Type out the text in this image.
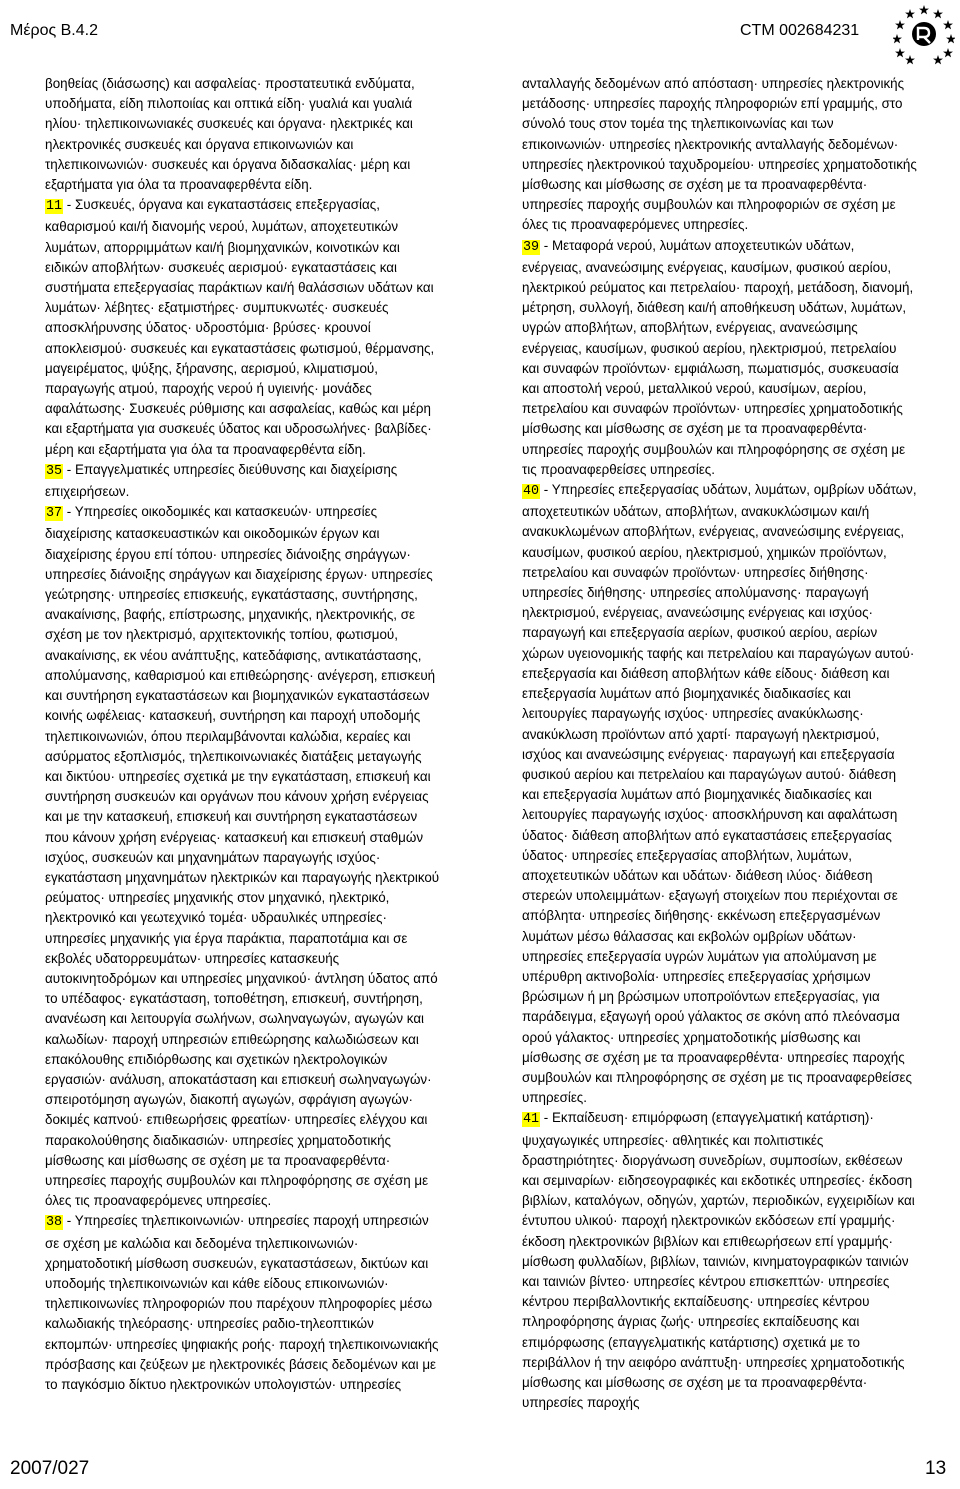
Μέρος Β.4.2	CTM 002684231

βοηθείας (διάσωσης) και ασφαλείας· προστατευτικά ενδύματα, υποδήματα, είδη πιλοποιίας και οπτικά είδη· γυαλιά και γυαλιά ηλίου· τηλεπικοινωνιακές συσκευές και όργανα· ηλεκτρικές και ηλεκτρονικές συσκευές και όργανα επικοινωνιών και τηλεπικοινωνιών· συσκευές και όργανα διδασκαλίας· μέρη και εξαρτήματα για όλα τα προαναφερθέντα είδη.

11 - Συσκευές, όργανα και εγκαταστάσεις επεξεργασίας, καθαρισμού και/ή διανομής νερού, λυμάτων, αποχετευτικών λυμάτων, απορριμμάτων και/ή βιομηχανικών, κοινοτικών και ειδικών αποβλήτων· συσκευές αερισμού· εγκαταστάσεις και συστήματα επεξεργασίας παράκτιων και/ή θαλάσσιων υδάτων και λυμάτων· λέβητες· εξατμιστήρες· συμπυκνωτές· συσκευές αποσκλήρυνσης ύδατος· υδροστόμια· βρύσες· κρουνοί αποκλεισμού· συσκευές και εγκαταστάσεις φωτισμού, θέρμανσης, μαγειρέματος, ψύξης, ξήρανσης, αερισμού, κλιματισμού, παραγωγής ατμού, παροχής νερού ή υγιεινής· μονάδες αφαλάτωσης· Συσκευές ρύθμισης και ασφαλείας, καθώς και μέρη και εξαρτήματα για συσκευές ύδατος και υδροσωλήνες· βαλβίδες· μέρη και εξαρτήματα για όλα τα προαναφερθέντα είδη.

35 - Επαγγελματικές υπηρεσίες διεύθυνσης και διαχείρισης επιχειρήσεων.

37 - Υπηρεσίες οικοδομικές και κατασκευών· υπηρεσίες διαχείρισης κατασκευαστικών και οικοδομικών έργων και διαχείρισης έργου επί τόπου· υπηρεσίες διάνοιξης σηράγγων· υπηρεσίες διάνοιξης σηράγγων και διαχείρισης έργων· υπηρεσίες γεώτρησης· υπηρεσίες επισκευής, εγκατάστασης, συντήρησης, ανακαίνισης, βαφής, επίστρωσης, μηχανικής, ηλεκτρονικής, σε σχέση με τον ηλεκτρισμό, αρχιτεκτονικής τοπίου, φωτισμού, ανακαίνισης, εκ νέου ανάπτυξης, κατεδάφισης, αντικατάστασης, απολύμανσης, καθαρισμού και επιθεώρησης· ανέγερση, επισκευή και συντήρηση εγκαταστάσεων και βιομηχανικών εγκαταστάσεων κοινής ωφέλειας· κατασκευή, συντήρηση και παροχή υποδομής τηλεπικοινωνιών, όπου περιλαμβάνονται καλώδια, κεραίες και ασύρματος εξοπλισμός, τηλεπικοινωνιακές διατάξεις μεταγωγής και δικτύου· υπηρεσίες σχετικά με την εγκατάσταση, επισκευή και συντήρηση συσκευών και οργάνων που κάνουν χρήση ενέργειας και με την κατασκευή, επισκευή και συντήρηση εγκαταστάσεων που κάνουν χρήση ενέργειας· κατασκευή και επισκευή σταθμών ισχύος, συσκευών και μηχανημάτων παραγωγής ισχύος· εγκατάσταση μηχανημάτων ηλεκτρικών και παραγωγής ηλεκτρικού ρεύματος· υπηρεσίες μηχανικής στον μηχανικό, ηλεκτρικό, ηλεκτρονικό και γεωτεχνικό τομέα· υδραυλικές υπηρεσίες· υπηρεσίες μηχανικής για έργα παράκτια, παραποτάμια και σε εκβολές υδατορρευμάτων· υπηρεσίες κατασκευής αυτοκινητοδρόμων και υπηρεσίες μηχανικού· άντληση ύδατος από το υπέδαφος· εγκατάσταση, τοποθέτηση, επισκευή, συντήρηση, ανανέωση και λειτουργία σωλήνων, σωληναγωγών, αγωγών και καλωδίων· παροχή υπηρεσιών επιθεώρησης καλωδιώσεων και επακόλουθης επιδιόρθωσης και σχετικών ηλεκτρολογικών εργασιών· ανάλυση, αποκατάσταση και επισκευή σωληναγωγών· σπειροτόμηση αγωγών, διακοπή αγωγών, σφράγιση αγωγών· δοκιμές καπνού· επιθεωρήσεις φρεατίων· υπηρεσίες ελέγχου και παρακολούθησης διαδικασιών· υπηρεσίες χρηματοδοτικής μίσθωσης και μίσθωσης σε σχέση με τα προαναφερθέντα· υπηρεσίες παροχής συμβουλών και πληροφόρησης σε σχέση με όλες τις προαναφερόμενες υπηρεσίες.

38 - Υπηρεσίες τηλεπικοινωνιών· υπηρεσίες παροχή υπηρεσιών σε σχέση με καλώδια και δεδομένα τηλεπικοινωνιών· χρηματοδοτική μίσθωση συσκευών, εγκαταστάσεων, δικτύων και υποδομής τηλεπικοινωνιών και κάθε είδους επικοινωνιών· τηλεπικοινωνίες πληροφοριών που παρέχουν πληροφορίες μέσω καλωδιακής τηλεόρασης· υπηρεσίες ραδιο-τηλεοπτικών εκπομπών· υπηρεσίες ψηφιακής ροής· παροχή τηλεπικοινωνιακής πρόσβασης και ζεύξεων με ηλεκτρονικές βάσεις δεδομένων και με το παγκόσμιο δίκτυο ηλεκτρονικών υπολογιστών· υπηρεσίες

ανταλλαγής δεδομένων από απόσταση· υπηρεσίες ηλεκτρονικής μετάδοσης· υπηρεσίες παροχής πληροφοριών επί γραμμής, στο σύνολό τους στον τομέα της τηλεπικοινωνίας και των επικοινωνιών· υπηρεσίες ηλεκτρονικής ανταλλαγής δεδομένων· υπηρεσίες ηλεκτρονικού ταχυδρομείου· υπηρεσίες χρηματοδοτικής μίσθωσης και μίσθωσης σε σχέση με τα προαναφερθέντα· υπηρεσίες παροχής συμβουλών και πληροφοριών σε σχέση με όλες τις προαναφερόμενες υπηρεσίες.

39 - Μεταφορά νερού, λυμάτων αποχετευτικών υδάτων, ενέργειας, ανανεώσιμης ενέργειας, καυσίμων, φυσικού αερίου, ηλεκτρικού ρεύματος και πετρελαίου· παροχή, μετάδοση, διανομή, μέτρηση, συλλογή, διάθεση και/ή αποθήκευση υδάτων, λυμάτων, υγρών αποβλήτων, αποβλήτων, ενέργειας, ανανεώσιμης ενέργειας, καυσίμων, φυσικού αερίου, ηλεκτρισμού, πετρελαίου και συναφών προϊόντων· εμφιάλωση, πωματισμός, συσκευασία και αποστολή νερού, μεταλλικού νερού, καυσίμων, αερίου, πετρελαίου και συναφών προϊόντων· υπηρεσίες χρηματοδοτικής μίσθωσης και μίσθωσης σε σχέση με τα προαναφερθέντα· υπηρεσίες παροχής συμβουλών και πληροφόρησης σε σχέση με τις προαναφερθείσες υπηρεσίες.

40 - Υπηρεσίες επεξεργασίας υδάτων, λυμάτων, ομβρίων υδάτων, αποχετευτικών υδάτων, αποβλήτων, ανακυκλώσιμων και/ή ανακυκλωμένων αποβλήτων, ενέργειας, ανανεώσιμης ενέργειας, καυσίμων, φυσικού αερίου, ηλεκτρισμού, χημικών προϊόντων, πετρελαίου και συναφών προϊόντων· υπηρεσίες διήθησης· υπηρεσίες διήθησης· υπηρεσίες απολύμανσης· παραγωγή ηλεκτρισμού, ενέργειας, ανανεώσιμης ενέργειας και ισχύος· παραγωγή και επεξεργασία αερίων, φυσικού αερίου, αερίων χώρων υγειονομικής ταφής και πετρελαίου και παραγώγων αυτού· επεξεργασία και διάθεση αποβλήτων κάθε είδους· διάθεση και επεξεργασία λυμάτων από βιομηχανικές διαδικασίες και λειτουργίες παραγωγής ισχύος· υπηρεσίες ανακύκλωσης· ανακύκλωση προϊόντων από χαρτί· παραγωγή ηλεκτρισμού, ισχύος και ανανεώσιμης ενέργειας· παραγωγή και επεξεργασία φυσικού αερίου και πετρελαίου και παραγώγων αυτού· διάθεση και επεξεργασία λυμάτων από βιομηχανικές διαδικασίες και λειτουργίες παραγωγής ισχύος· αποσκλήρυνση και αφαλάτωση ύδατος· διάθεση αποβλήτων από εγκαταστάσεις επεξεργασίας ύδατος· υπηρεσίες επεξεργασίας αποβλήτων, λυμάτων, αποχετευτικών υδάτων και υδάτων· διάθεση ιλύος· διάθεση στερεών υπολειμμάτων· εξαγωγή στοιχείων που περιέχονται σε απόβλητα· υπηρεσίες διήθησης· εκκένωση επεξεργασμένων λυμάτων μέσω θάλασσας και εκβολών ομβρίων υδάτων· υπηρεσίες επεξεργασία υγρών λυμάτων για απολύμανση με υπέρυθρη ακτινοβολία· υπηρεσίες επεξεργασίας χρήσιμων βρώσιμων ή μη βρώσιμων υποπροϊόντων επεξεργασίας, για παράδειγμα, εξαγωγή ορού γάλακτος σε σκόνη από πλεόνασμα ορού γάλακτος· υπηρεσίες χρηματοδοτικής μίσθωσης και μίσθωσης σε σχέση με τα προαναφερθέντα· υπηρεσίες παροχής συμβουλών και πληροφόρησης σε σχέση με τις προαναφερθείσες υπηρεσίες.

41 - Εκπαίδευση· επιμόρφωση (επαγγελματική κατάρτιση)· ψυχαγωγικές υπηρεσίες· αθλητικές και πολιτιστικές δραστηριότητες· διοργάνωση συνεδρίων, συμποσίων, εκθέσεων και σεμιναρίων· ειδησεογραφικές και εκδοτικές υπηρεσίες· έκδοση βιβλίων, καταλόγων, οδηγών, χαρτών, περιοδικών, εγχειριδίων και έντυπου υλικού· παροχή ηλεκτρονικών εκδόσεων επί γραμμής· έκδοση ηλεκτρονικών βιβλίων και επιθεωρήσεων επί γραμμής· μίσθωση φυλλαδίων, βιβλίων, ταινιών, κινηματογραφικών ταινιών και ταινιών βίντεο· υπηρεσίες κέντρου επισκεπτών· υπηρεσίες κέντρου περιβαλλοντικής εκπαίδευσης· υπηρεσίες κέντρου πληροφόρησης άγριας ζωής· υπηρεσίες εκπαίδευσης και επιμόρφωσης (επαγγελματικής κατάρτισης) σχετικά με το περιβάλλον ή την αειφόρο ανάπτυξη· υπηρεσίες χρηματοδοτικής μίσθωσης και μίσθωσης σε σχέση με τα προαναφερθέντα· υπηρεσίες παροχής

2007/027	13
